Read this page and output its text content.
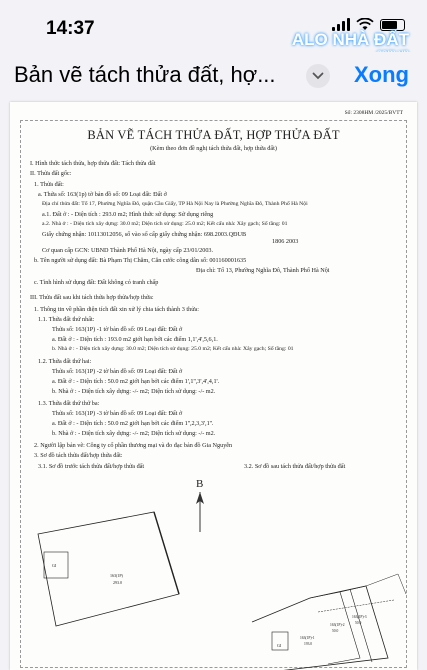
14:37
ALO NHÀ ĐẤT
Bản vẽ tách thửa đất, hợ...	Xong
Số: 2308HM /2025/BVTT
BẢN VẼ TÁCH THỬA ĐẤT, HỢP THỬA ĐẤT
(Kèm theo đơn đề nghị tách thửa đất, hợp thửa đất)
I. Hình thức tách thửa, hợp thửa đất: Tách thửa đất
II. Thửa đất gốc:
1. Thửa đất:
a. Thửa số: 163(1p) tờ bản đồ số: 09 Loại đất: Đất ở
Địa chỉ thửa đất: Tổ 17, Phường Nghĩa Đô, quận Cầu Giấy, TP Hà Nội Nay là Phường Nghĩa Đô, Thành Phố Hà Nội
a.1. Đất ở : - Diện tích : 293.0 m2; Hình thức sử dụng: Sử dụng riêng
a.2. Nhà ở : - Diện tích xây dựng: 30.0 m2; Diện tích sử dụng: 25.0 m2; Kết cấu nhà: Xây gạch; Số tầng: 01
Giấy chứng nhận: 10113012056, số vào sổ cấp giấy chứng nhận: 698.2003.QĐUB
1806 2003
Cơ quan cấp GCN: UBND Thành Phố Hà Nội, ngày cấp 23/01/2003.
b. Tên người sử dụng đất: Bà Phạm Thị Chăm, Căn cước công dân số: 001160001635
Địa chỉ: Tổ 13, Phường Nghĩa Đô, Thành Phố Hà Nội
c. Tình hình sử dụng đất: Đất không có tranh chấp
III. Thửa đất sau khi tách thửa hợp thửa/hợp thửa:
1. Thông tin về phần diện tích đất xin xử lý chia tách thành 3 thửa:
1.1. Thửa đất thứ nhất:
Thửa số: 163(1P) -1 tờ bản đồ số: 09 Loại đất: Đất ở
a. Đất ở : - Diện tích : 193.0 m2 giới hạn bởi các điểm 1,1',4',5,6,1.
b. Nhà ở : - Diện tích xây dựng: 30.0 m2; Diện tích sử dụng: 25.0 m2; Kết cấu nhà: Xây gạch; Số tầng: 01
1.2. Thửa đất thứ hai:
Thửa số: 163(1P) -2 tờ bản đồ số: 09 Loại đất: Đất ở
a. Đất ở : - Diện tích : 50.0 m2 giới hạn bởi các điểm 1',1'',3',4',4,1'.
b. Nhà ở : - Diện tích xây dựng: -/- m2; Diện tích sử dụng: -/- m2.
1.3. Thửa đất thứ thứ ba:
Thửa số: 163(1P) -3 tờ bản đồ số: 09 Loại đất: Đất ở
a. Đất ở : - Diện tích : 50.0 m2 giới hạn bởi các điểm 1'',2,3,3',1''.
b. Nhà ở : - Diện tích xây dựng: -/- m2; Diện tích sử dụng: -/- m2.
2. Người lập bản vẽ: Công ty cổ phần thương mại và đo đạc bản đồ Gia Nguyễn
3. Sơ đồ tách thửa đất/hợp thửa đất:
3.1. Sơ đồ trước tách thửa đất/hợp thửa đất	3.2. Sơ đồ sau tách thửa đất/hợp thửa đất
B
GI
163(1P)
293.0
GI
163(1P)-1
193.0
163(1P)-2
50.0
163(1P)-3
50.0
